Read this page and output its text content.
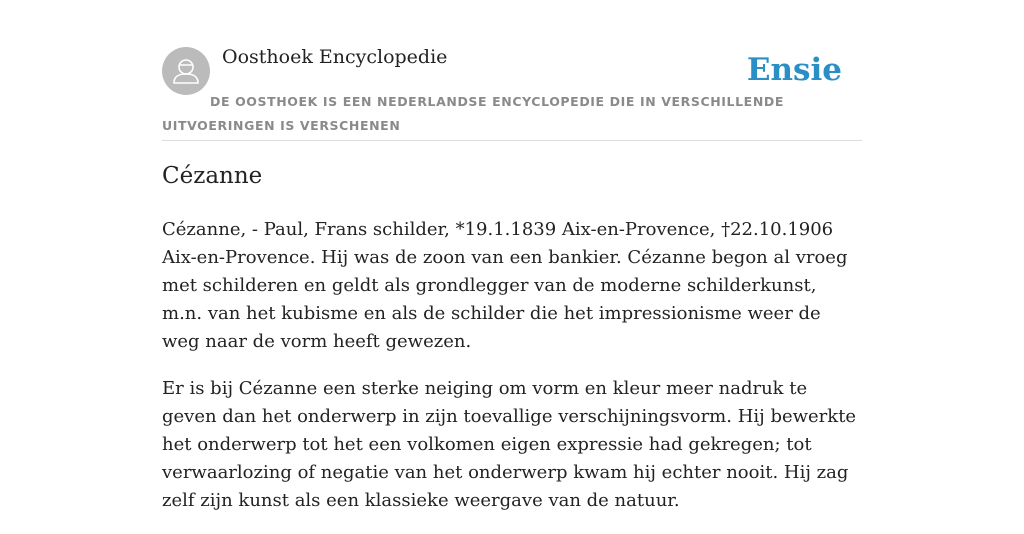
Oosthoek Encyclopedie	Ensie
DE OOSTHOEK IS EEN NEDERLANDSE ENCYCLOPEDIE DIE IN VERSCHILLENDE UITVOERINGEN IS VERSCHENEN
Cézanne

Cézanne, - Paul, Frans schilder, *19.1.1839 Aix-en-Provence, †22.10.1906 Aix-en-Provence. Hij was de zoon van een bankier. Cézanne begon al vroeg met schilderen en geldt als grondlegger van de moderne schilderkunst, m.n. van het kubisme en als de schilder die het impressionisme weer de weg naar de vorm heeft gewezen.

Er is bij Cézanne een sterke neiging om vorm en kleur meer nadruk te geven dan het onderwerp in zijn toevallige verschijningsvorm. Hij bewerkte het onderwerp tot het een volkomen eigen expressie had gekregen; tot verwaarlozing of negatie van het onderwerp kwam hij echter nooit. Hij zag zelf zijn kunst als een klassieke weergave van de natuur.
